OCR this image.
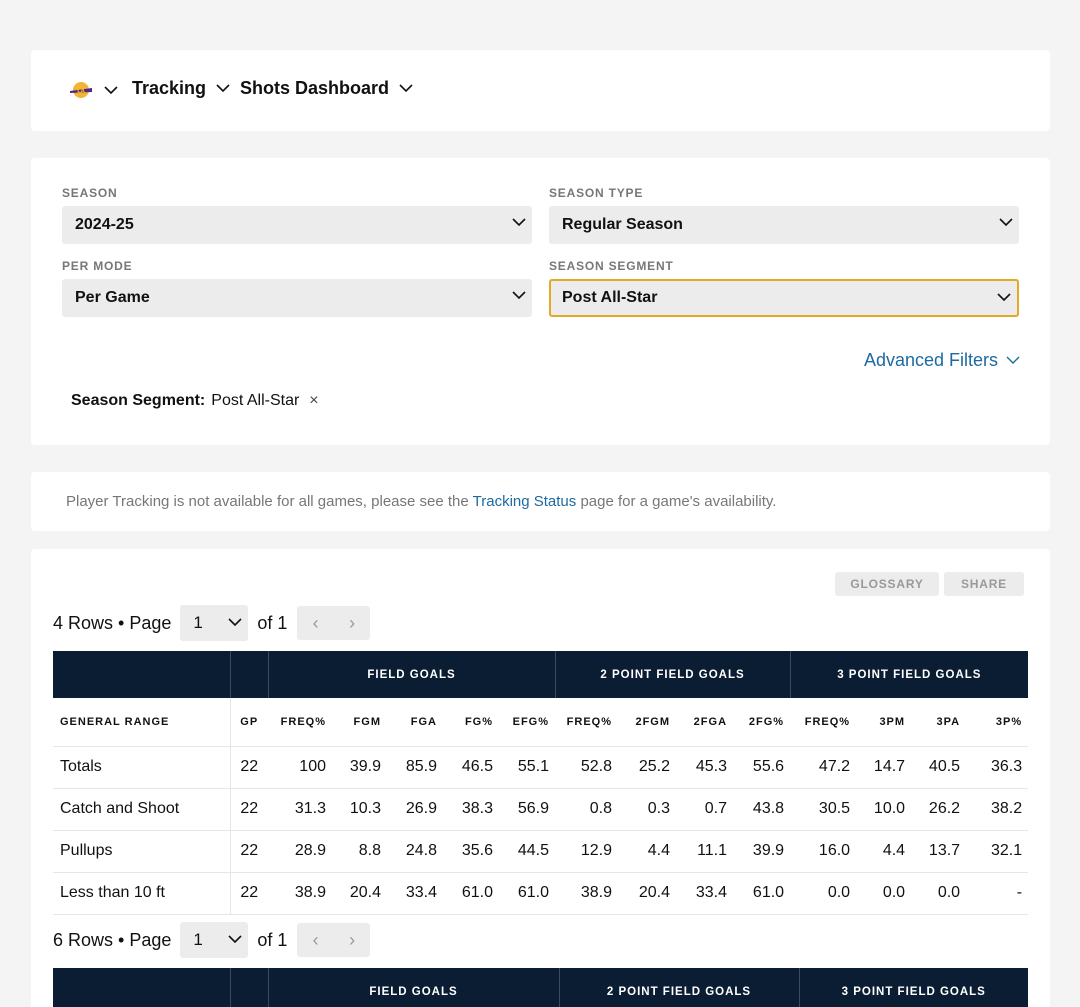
LA	Tracking Shots Dashboard
SEASON
2024-25
SEASON TYPE
Regular Season
PER MODE
Per Game
SEASON SEGMENT
Post All-Star
Advanced Filters
Season Segment: Post All-Star ×
Player Tracking is not available for all games, please see the Tracking Status page for a game's availability.
GLOSSARY	SHARE
4 Rows • Page 1	of 1	‹	›
		FIELD GOALS					2 POINT FIELD GOALS				3 POINT FIELD GOALS			
GENERAL RANGE	GP	FREQ%	FGM	FGA	FG%	EFG%	FREQ%	2FGM	2FGA	2FG%	FREQ%	3PM	3PA	3P%
Totals	22	100	39.9	85.9	46.5	55.1	52.8	25.2	45.3	55.6	47.2	14.7	40.5	36.3
Catch and Shoot	22	31.3	10.3	26.9	38.3	56.9	0.8	0.3	0.7	43.8	30.5	10.0	26.2	38.2
Pullups	22	28.9	8.8	24.8	35.6	44.5	12.9	4.4	11.1	39.9	16.0	4.4	13.7	32.1
Less than 10 ft	22	38.9	20.4	33.4	61.0	61.0	38.9	20.4	33.4	61.0	0.0	0.0	0.0	-
6 Rows • Page 1	of 1	‹	›
		FIELD GOALS	2 POINT FIELD GOALS	3 POINT FIELD GOALS
